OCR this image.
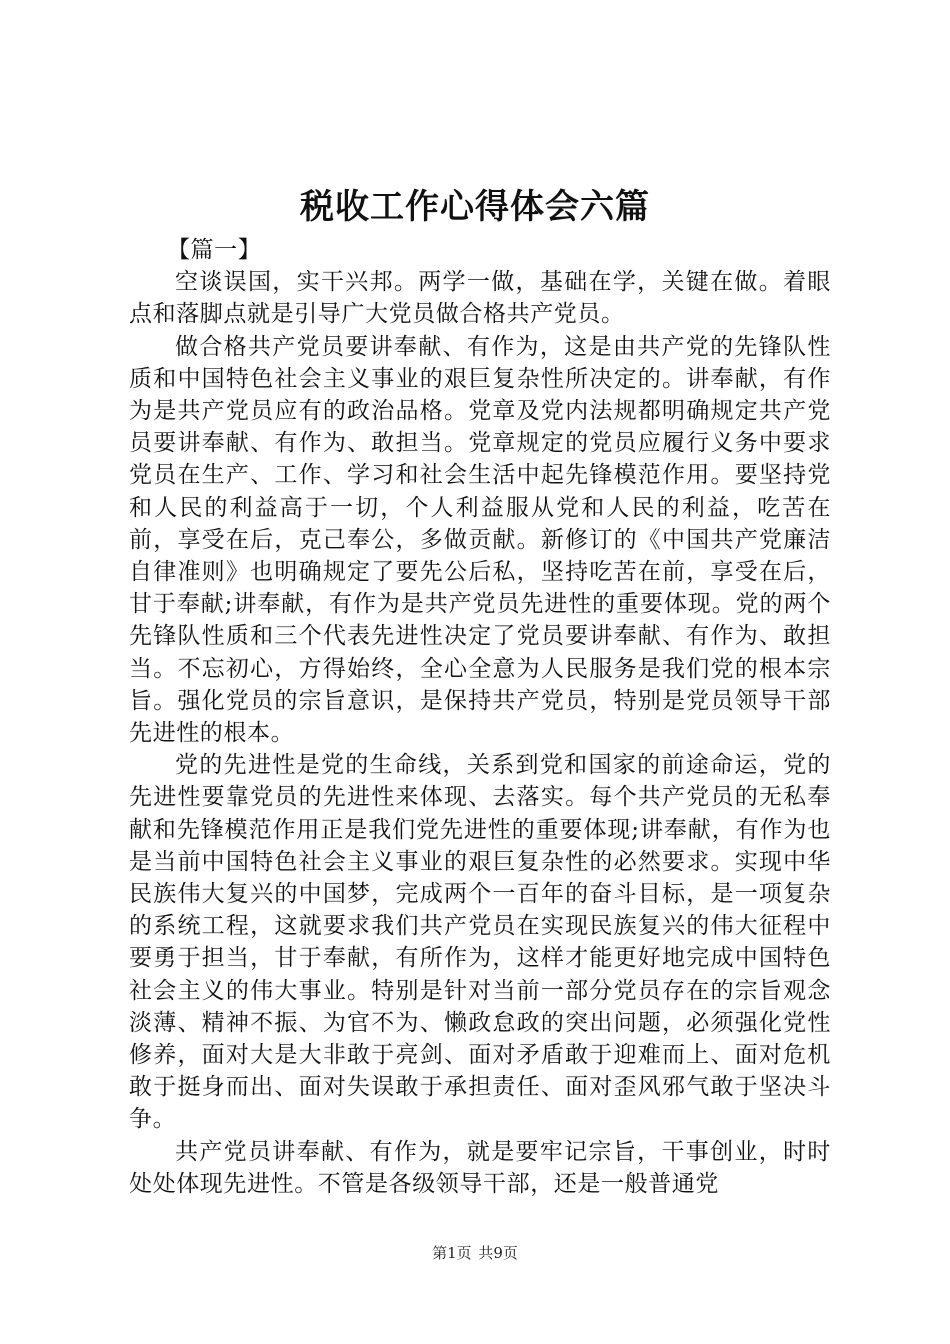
税收工作心得体会六篇

【篇一】

空谈误国，实干兴邦。两学一做，基础在学，关键在做。着眼点和落脚点就是引导广大党员做合格共产党员。

做合格共产党员要讲奉献、有作为，这是由共产党的先锋队性质和中国特色社会主义事业的艰巨复杂性所决定的。讲奉献，有作为是共产党员应有的政治品格。党章及党内法规都明确规定共产党员要讲奉献、有作为、敢担当。党章规定的党员应履行义务中要求党员在生产、工作、学习和社会生活中起先锋模范作用。要坚持党和人民的利益高于一切，个人利益服从党和人民的利益，吃苦在前，享受在后，克己奉公，多做贡献。新修订的《中国共产党廉洁自律准则》也明确规定了要先公后私，坚持吃苦在前，享受在后，甘于奉献;讲奉献，有作为是共产党员先进性的重要体现。党的两个先锋队性质和三个代表先进性决定了党员要讲奉献、有作为、敢担当。不忘初心，方得始终，全心全意为人民服务是我们党的根本宗旨。强化党员的宗旨意识，是保持共产党员，特别是党员领导干部先进性的根本。

党的先进性是党的生命线，关系到党和国家的前途命运，党的先进性要靠党员的先进性来体现、去落实。每个共产党员的无私奉献和先锋模范作用正是我们党先进性的重要体现;讲奉献，有作为也是当前中国特色社会主义事业的艰巨复杂性的必然要求。实现中华民族伟大复兴的中国梦，完成两个一百年的奋斗目标，是一项复杂的系统工程，这就要求我们共产党员在实现民族复兴的伟大征程中要勇于担当，甘于奉献，有所作为，这样才能更好地完成中国特色社会主义的伟大事业。特别是针对当前一部分党员存在的宗旨观念淡薄、精神不振、为官不为、懒政怠政的突出问题，必须强化党性修养，面对大是大非敢于亮剑、面对矛盾敢于迎难而上、面对危机敢于挺身而出、面对失误敢于承担责任、面对歪风邪气敢于坚决斗争。

共产党员讲奉献、有作为，就是要牢记宗旨，干事创业，时时处处体现先进性。不管是各级领导干部，还是一般普通党

第1页 共9页
